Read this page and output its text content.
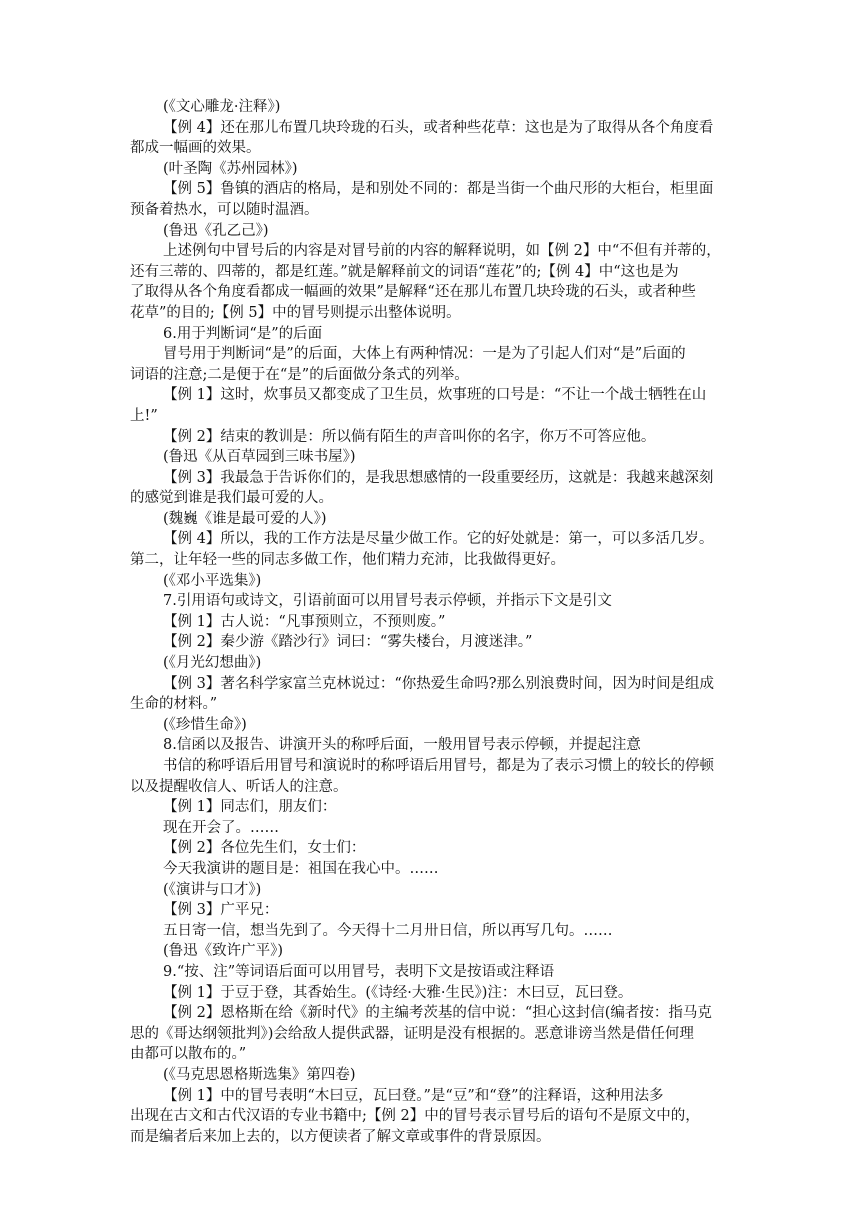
(《文心雕龙·注释》)
【例 4】还在那儿布置几块玲珑的石头，或者种些花草：这也是为了取得从各个角度看
都成一幅画的效果。
(叶圣陶《苏州园林》)
【例 5】鲁镇的酒店的格局，是和别处不同的：都是当街一个曲尺形的大柜台，柜里面
预备着热水，可以随时温酒。
(鲁迅《孔乙己》)
上述例句中冒号后的内容是对冒号前的内容的解释说明，如【例 2】中“不但有并蒂的，
还有三蒂的、四蒂的，都是红莲。”就是解释前文的词语“莲花”的;【例 4】中“这也是为
了取得从各个角度看都成一幅画的效果”是解释“还在那儿布置几块玲珑的石头，或者种些
花草”的目的;【例 5】中的冒号则提示出整体说明。
6.用于判断词“是”的后面
冒号用于判断词“是”的后面，大体上有两种情况：一是为了引起人们对“是”后面的
词语的注意;二是便于在“是”的后面做分条式的列举。
【例 1】这时，炊事员又都变成了卫生员，炊事班的口号是：“不让一个战士牺牲在山
上!”
【例 2】结束的教训是：所以倘有陌生的声音叫你的名字，你万不可答应他。
(鲁迅《从百草园到三味书屋》)
【例 3】我最急于告诉你们的，是我思想感情的一段重要经历，这就是：我越来越深刻
的感觉到谁是我们最可爱的人。
(魏巍《谁是最可爱的人》)
【例 4】所以，我的工作方法是尽量少做工作。它的好处就是：第一，可以多活几岁。
第二，让年轻一些的同志多做工作，他们精力充沛，比我做得更好。
(《邓小平选集》)
7.引用语句或诗文，引语前面可以用冒号表示停顿，并指示下文是引文
【例 1】古人说：“凡事预则立，不预则废。”
【例 2】秦少游《踏沙行》词曰：“雾失楼台，月渡迷津。”
(《月光幻想曲》)
【例 3】著名科学家富兰克林说过：“你热爱生命吗?那么别浪费时间，因为时间是组成
生命的材料。”
(《珍惜生命》)
8.信函以及报告、讲演开头的称呼后面，一般用冒号表示停顿，并提起注意
书信的称呼语后用冒号和演说时的称呼语后用冒号，都是为了表示习惯上的较长的停顿
以及提醒收信人、听话人的注意。
【例 1】同志们，朋友们：
现在开会了。……
【例 2】各位先生们，女士们：
今天我演讲的题目是：祖国在我心中。……
(《演讲与口才》)
【例 3】广平兄：
五日寄一信，想当先到了。今天得十二月卅日信，所以再写几句。……
(鲁迅《致许广平》)
9.“按、注”等词语后面可以用冒号，表明下文是按语或注释语
【例 1】于豆于登，其香始生。(《诗经·大雅·生民》)注：木曰豆，瓦曰登。
【例 2】恩格斯在给《新时代》的主编考茨基的信中说：“担心这封信(编者按：指马克
思的《哥达纲领批判》)会给敌人提供武器，证明是没有根据的。恶意诽谤当然是借任何理
由都可以散布的。”
(《马克思恩格斯选集》第四卷)
【例 1】中的冒号表明“木曰豆，瓦曰登。”是“豆”和“登”的注释语，这种用法多
出现在古文和古代汉语的专业书籍中;【例 2】中的冒号表示冒号后的语句不是原文中的，
而是编者后来加上去的，以方便读者了解文章或事件的背景原因。
